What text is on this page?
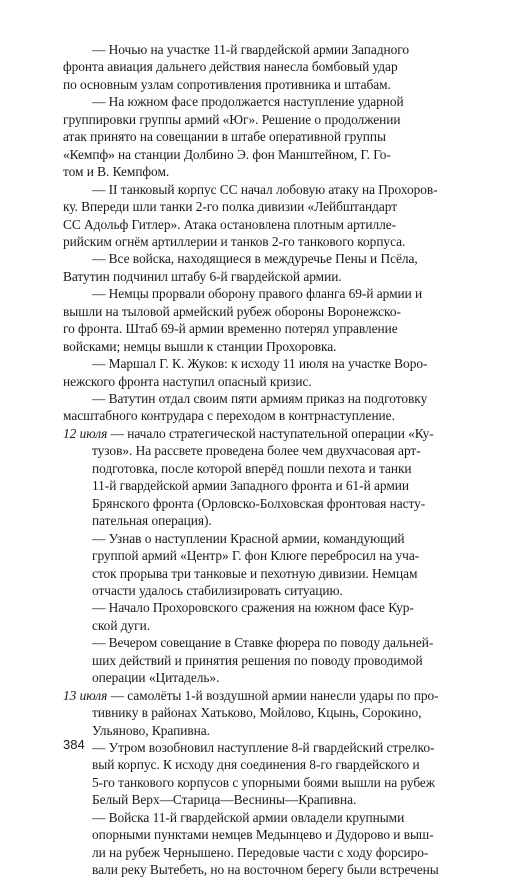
384
— Ночью на участке 11-й гвардейской армии Западного
фронта авиация дальнего действия нанесла бомбовый удар
по основным узлам сопротивления противника и штабам.
— На южном фасе продолжается наступление ударной
группировки группы армий «Юг». Решение о продолжении
атак принято на совещании в штабе оперативной группы
«Кемпф» на станции Долбино Э. фон Манштейном, Г. Го-
том и В. Кемпфом.
— II танковый корпус СС начал лобовую атаку на Прохоров-
ку. Впереди шли танки 2-го полка дивизии «Лейбштандарт
СС Адольф Гитлер». Атака остановлена плотным артилле-
рийским огнём артиллерии и танков 2-го танкового корпуса.
— Все войска, находящиеся в междуречье Пены и Псёла,
Ватутин подчинил штабу 6-й гвардейской армии.
— Немцы прорвали оборону правого фланга 69-й армии и
вышли на тыловой армейский рубеж обороны Воронежско-
го фронта. Штаб 69-й армии временно потерял управление
войсками; немцы вышли к станции Прохоровка.
— Маршал Г. К. Жуков: к исходу 11 июля на участке Воро-
нежского фронта наступил опасный кризис.
— Ватутин отдал своим пяти армиям приказ на подготовку
масштабного контрудара с переходом в контрнаступление.
12 июля — начало стратегической наступательной операции «Ку-
тузов». На рассвете проведена более чем двухчасовая арт-
подготовка, после которой вперёд пошли пехота и танки
11-й гвардейской армии Западного фронта и 61-й армии
Брянского фронта (Орловско-Болховская фронтовая насту-
пательная операция).
— Узнав о наступлении Красной армии, командующий
группой армий «Центр» Г. фон Клюге перебросил на уча-
сток прорыва три танковые и пехотную дивизии. Немцам
отчасти удалось стабилизировать ситуацию.
— Начало Прохоровского сражения на южном фасе Кур-
ской дуги.
— Вечером совещание в Ставке фюрера по поводу дальней-
ших действий и принятия решения по поводу проводимой
операции «Цитадель».
13 июля — самолёты 1-й воздушной армии нанесли удары по про-
тивнику в районах Хатьково, Мойлово, Кцынь, Сорокино,
Ульяново, Крапивна.
— Утром возобновил наступление 8-й гвардейский стрелко-
вый корпус. К исходу дня соединения 8-го гвардейского и
5-го танкового корпусов с упорными боями вышли на рубеж
Белый Верх—Старица—Веснины—Крапивна.
— Войска 11-й гвардейской армии овладели крупными
опорными пунктами немцев Медынцево и Дудорово и выш-
ли на рубеж Чернышено. Передовые части с ходу форсиро-
вали реку Вытебеть, но на восточном берегу были встречены
